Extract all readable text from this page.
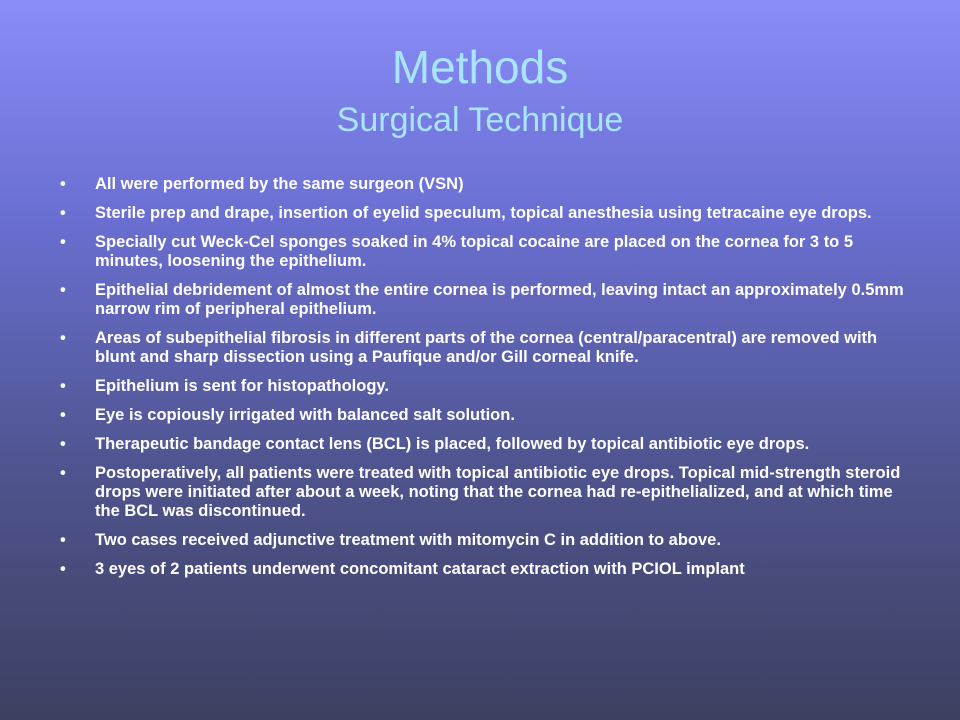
Methods
Surgical Technique
•	All were performed by the same surgeon (VSN)
•	Sterile prep and drape, insertion of eyelid speculum, topical anesthesia using tetracaine eye drops.
•	Specially cut Weck-Cel sponges soaked in 4% topical cocaine are placed on the cornea for 3 to 5 minutes, loosening the epithelium.
•	Epithelial debridement of almost the entire cornea is performed, leaving intact an approximately 0.5mm narrow rim of peripheral epithelium.
•	Areas of subepithelial fibrosis in different parts of the cornea (central/paracentral) are removed with blunt and sharp dissection using a Paufique and/or Gill corneal knife.
•	Epithelium is sent for histopathology.
•	Eye is copiously irrigated with balanced salt solution.
•	Therapeutic bandage contact lens (BCL) is placed, followed by topical antibiotic eye drops.
•	Postoperatively, all patients were treated with topical antibiotic eye drops. Topical mid-strength steroid drops were initiated after about a week, noting that the cornea had re-epithelialized, and at which time the BCL was discontinued.
•	Two cases received adjunctive treatment with mitomycin C in addition to above.
•	3 eyes of 2 patients underwent concomitant cataract extraction with PCIOL implant
